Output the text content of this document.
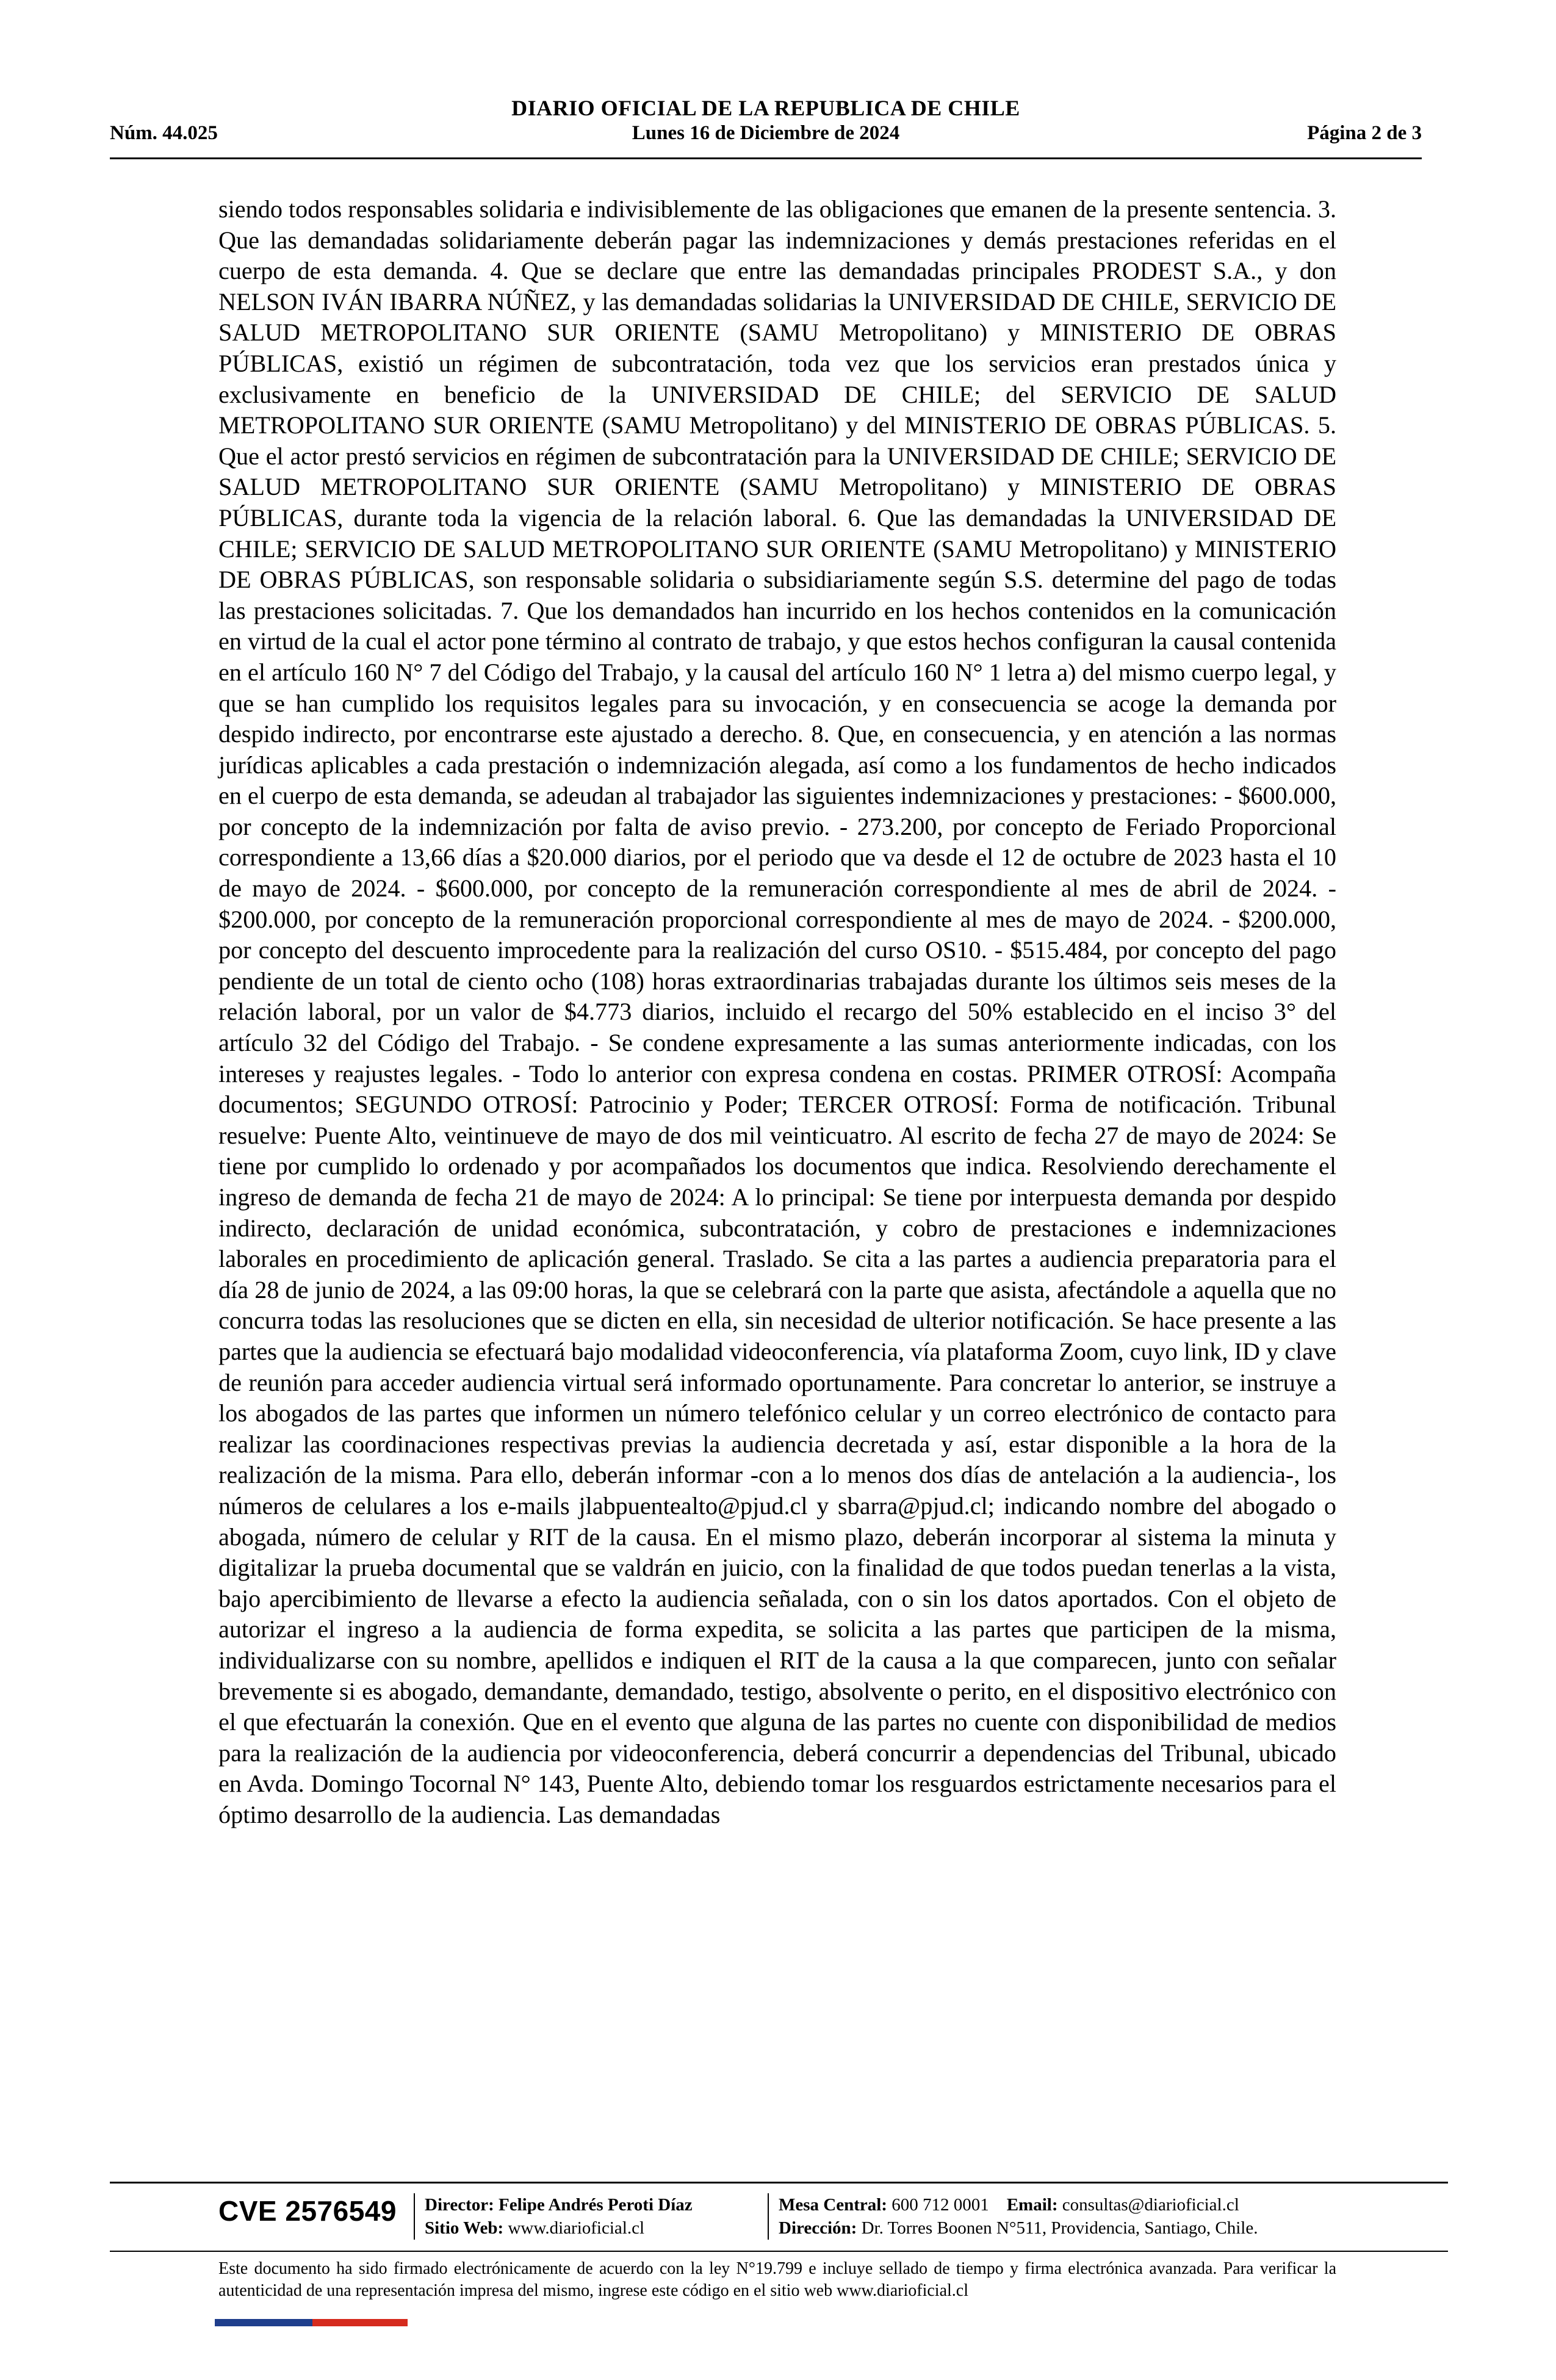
DIARIO OFICIAL DE LA REPUBLICA DE CHILE
Núm. 44.025	Lunes 16 de Diciembre de 2024	Página 2 de 3

siendo todos responsables solidaria e indivisiblemente de las obligaciones que emanen de la presente sentencia. 3. Que las demandadas solidariamente deberán pagar las indemnizaciones y demás prestaciones referidas en el cuerpo de esta demanda. 4. Que se declare que entre las demandadas principales PRODEST S.A., y don NELSON IVÁN IBARRA NÚÑEZ, y las demandadas solidarias la UNIVERSIDAD DE CHILE, SERVICIO DE SALUD METROPOLITANO SUR ORIENTE (SAMU Metropolitano) y MINISTERIO DE OBRAS PÚBLICAS, existió un régimen de subcontratación, toda vez que los servicios eran prestados única y exclusivamente en beneficio de la UNIVERSIDAD DE CHILE; del SERVICIO DE SALUD METROPOLITANO SUR ORIENTE (SAMU Metropolitano) y del MINISTERIO DE OBRAS PÚBLICAS. 5. Que el actor prestó servicios en régimen de subcontratación para la UNIVERSIDAD DE CHILE; SERVICIO DE SALUD METROPOLITANO SUR ORIENTE (SAMU Metropolitano) y MINISTERIO DE OBRAS PÚBLICAS, durante toda la vigencia de la relación laboral. 6. Que las demandadas la UNIVERSIDAD DE CHILE; SERVICIO DE SALUD METROPOLITANO SUR ORIENTE (SAMU Metropolitano) y MINISTERIO DE OBRAS PÚBLICAS, son responsable solidaria o subsidiariamente según S.S. determine del pago de todas las prestaciones solicitadas. 7. Que los demandados han incurrido en los hechos contenidos en la comunicación en virtud de la cual el actor pone término al contrato de trabajo, y que estos hechos configuran la causal contenida en el artículo 160 N° 7 del Código del Trabajo, y la causal del artículo 160 N° 1 letra a) del mismo cuerpo legal, y que se han cumplido los requisitos legales para su invocación, y en consecuencia se acoge la demanda por despido indirecto, por encontrarse este ajustado a derecho. 8. Que, en consecuencia, y en atención a las normas jurídicas aplicables a cada prestación o indemnización alegada, así como a los fundamentos de hecho indicados en el cuerpo de esta demanda, se adeudan al trabajador las siguientes indemnizaciones y prestaciones: - $600.000, por concepto de la indemnización por falta de aviso previo. - 273.200, por concepto de Feriado Proporcional correspondiente a 13,66 días a $20.000 diarios, por el periodo que va desde el 12 de octubre de 2023 hasta el 10 de mayo de 2024. - $600.000, por concepto de la remuneración correspondiente al mes de abril de 2024. - $200.000, por concepto de la remuneración proporcional correspondiente al mes de mayo de 2024. - $200.000, por concepto del descuento improcedente para la realización del curso OS10. - $515.484, por concepto del pago pendiente de un total de ciento ocho (108) horas extraordinarias trabajadas durante los últimos seis meses de la relación laboral, por un valor de $4.773 diarios, incluido el recargo del 50% establecido en el inciso 3° del artículo 32 del Código del Trabajo. - Se condene expresamente a las sumas anteriormente indicadas, con los intereses y reajustes legales. - Todo lo anterior con expresa condena en costas. PRIMER OTROSÍ: Acompaña documentos; SEGUNDO OTROSÍ: Patrocinio y Poder; TERCER OTROSÍ: Forma de notificación. Tribunal resuelve: Puente Alto, veintinueve de mayo de dos mil veinticuatro. Al escrito de fecha 27 de mayo de 2024: Se tiene por cumplido lo ordenado y por acompañados los documentos que indica. Resolviendo derechamente el ingreso de demanda de fecha 21 de mayo de 2024: A lo principal: Se tiene por interpuesta demanda por despido indirecto, declaración de unidad económica, subcontratación, y cobro de prestaciones e indemnizaciones laborales en procedimiento de aplicación general. Traslado. Se cita a las partes a audiencia preparatoria para el día 28 de junio de 2024, a las 09:00 horas, la que se celebrará con la parte que asista, afectándole a aquella que no concurra todas las resoluciones que se dicten en ella, sin necesidad de ulterior notificación. Se hace presente a las partes que la audiencia se efectuará bajo modalidad videoconferencia, vía plataforma Zoom, cuyo link, ID y clave de reunión para acceder audiencia virtual será informado oportunamente. Para concretar lo anterior, se instruye a los abogados de las partes que informen un número telefónico celular y un correo electrónico de contacto para realizar las coordinaciones respectivas previas la audiencia decretada y así, estar disponible a la hora de la realización de la misma. Para ello, deberán informar -con a lo menos dos días de antelación a la audiencia-, los números de celulares a los e-mails jlabpuentealto@pjud.cl y sbarra@pjud.cl; indicando nombre del abogado o abogada, número de celular y RIT de la causa. En el mismo plazo, deberán incorporar al sistema la minuta y digitalizar la prueba documental que se valdrán en juicio, con la finalidad de que todos puedan tenerlas a la vista, bajo apercibimiento de llevarse a efecto la audiencia señalada, con o sin los datos aportados. Con el objeto de autorizar el ingreso a la audiencia de forma expedita, se solicita a las partes que participen de la misma, individualizarse con su nombre, apellidos e indiquen el RIT de la causa a la que comparecen, junto con señalar brevemente si es abogado, demandante, demandado, testigo, absolvente o perito, en el dispositivo electrónico con el que efectuarán la conexión. Que en el evento que alguna de las partes no cuente con disponibilidad de medios para la realización de la audiencia por videoconferencia, deberá concurrir a dependencias del Tribunal, ubicado en Avda. Domingo Tocornal N° 143, Puente Alto, debiendo tomar los resguardos estrictamente necesarios para el óptimo desarrollo de la audiencia. Las demandadas

CVE 2576549 Director: Felipe Andrés Peroti Díaz
Sitio Web: www.diarioficial.cl
Mesa Central: 600 712 0001 Email: consultas@diarioficial.cl
Dirección: Dr. Torres Boonen N°511, Providencia, Santiago, Chile.
Este documento ha sido firmado electrónicamente de acuerdo con la ley N°19.799 e incluye sellado de tiempo y firma electrónica avanzada. Para verificar la autenticidad de una representación impresa del mismo, ingrese este código en el sitio web www.diarioficial.cl
